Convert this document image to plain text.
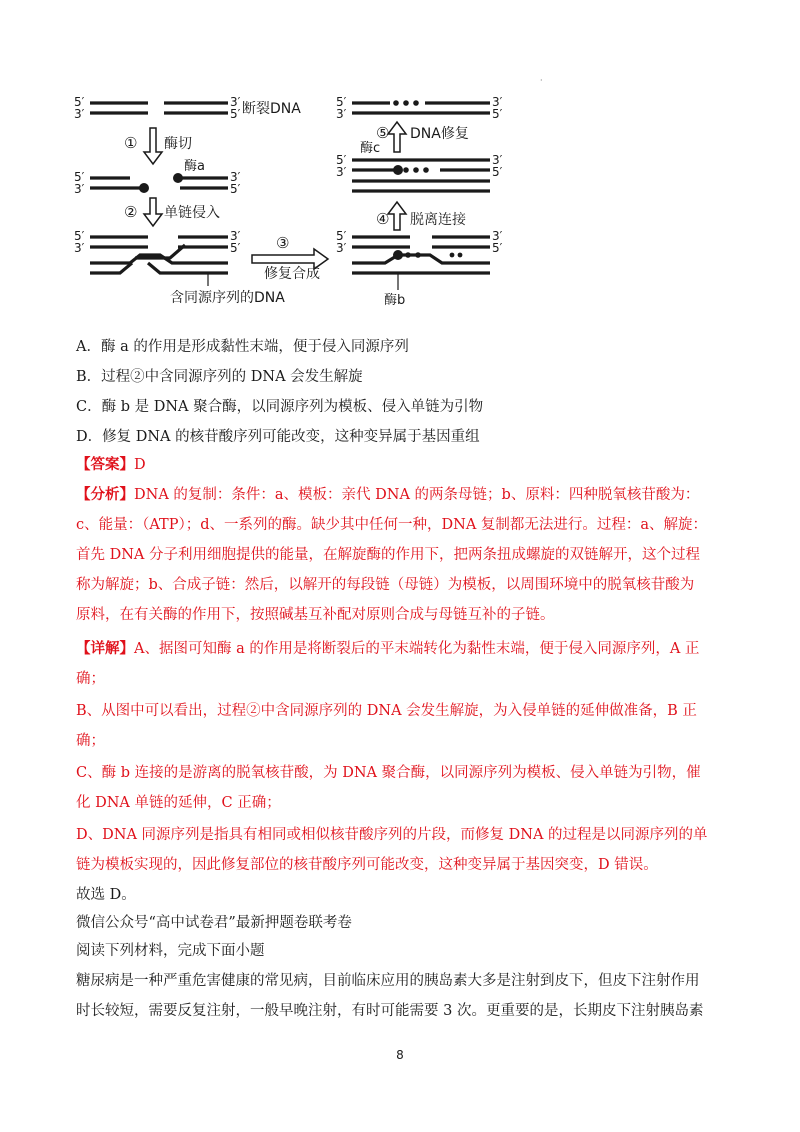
·
5′
3′
3′
5′ 断裂DNA
① 酶切
酶a
5′
3′
3′
5′
② 单链侵入
5′
3′
3′
5′ ③
修复合成
含同源序列的DNA
5′
3′
3′
5′
⑤ DNA修复
酶c
5′
3′
3′
5′
④ 脱离连接
5′
3′
3′
5′
酶b
A．酶 a 的作用是形成黏性末端，便于侵入同源序列
B．过程②中含同源序列的 DNA 会发生解旋
C．酶 b 是 DNA 聚合酶，以同源序列为模板、侵入单链为引物
D．修复 DNA 的核苷酸序列可能改变，这种变异属于基因重组
【答案】D
【分析】DNA 的复制：条件：a、模板：亲代 DNA 的两条母链；b、原料：四种脱氧核苷酸为：
c、能量：（ATP）；d、一系列的酶。缺少其中任何一种，DNA 复制都无法进行。过程：a、解旋：
首先 DNA 分子利用细胞提供的能量，在解旋酶的作用下，把两条扭成螺旋的双链解开，这个过程
称为解旋；b、合成子链：然后，以解开的每段链（母链）为模板，以周围环境中的脱氧核苷酸为
原料，在有关酶的作用下，按照碱基互补配对原则合成与母链互补的子链。
【详解】A、据图可知酶 a 的作用是将断裂后的平末端转化为黏性末端，便于侵入同源序列，A 正
确；
B、从图中可以看出，过程②中含同源序列的 DNA 会发生解旋，为入侵单链的延伸做准备，B 正
确；
C、酶 b 连接的是游离的脱氧核苷酸，为 DNA 聚合酶，以同源序列为模板、侵入单链为引物，催
化 DNA 单链的延伸，C 正确；
D、DNA 同源序列是指具有相同或相似核苷酸序列的片段，而修复 DNA 的过程是以同源序列的单
链为模板实现的，因此修复部位的核苷酸序列可能改变，这种变异属于基因突变，D 错误。
故选 D。
微信公众号“高中试卷君”最新押题卷联考卷
阅读下列材料，完成下面小题
糖尿病是一种严重危害健康的常见病，目前临床应用的胰岛素大多是注射到皮下，但皮下注射作用
时长较短，需要反复注射，一般早晚注射，有时可能需要 3 次。更重要的是，长期皮下注射胰岛素
8
